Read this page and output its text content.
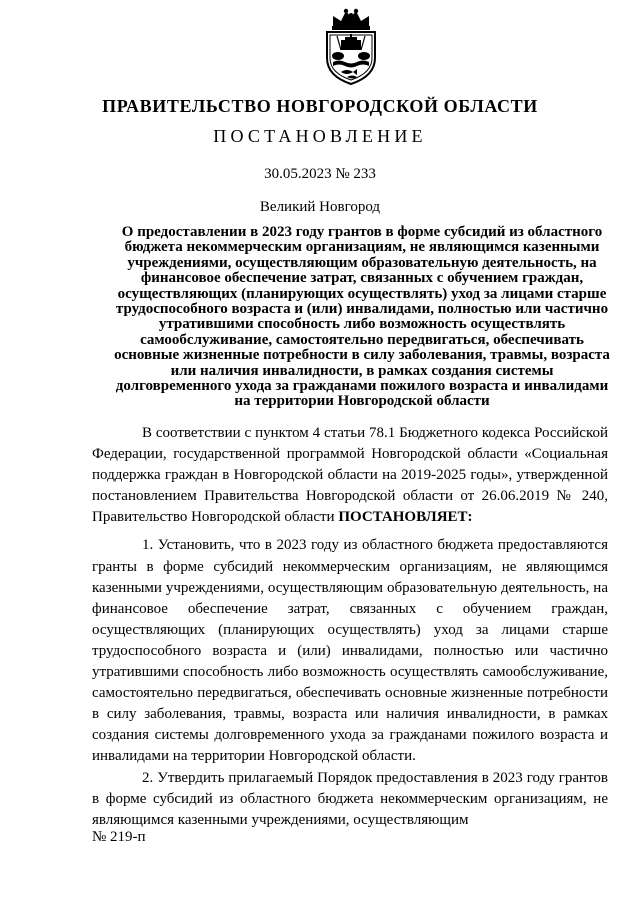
ПРАВИТЕЛЬСТВО НОВГОРОДСКОЙ ОБЛАСТИ
ПОСТАНОВЛЕНИЕ
30.05.2023 № 233
Великий Новгород
О предоставлении в 2023 году грантов в форме субсидий из областного бюджета некоммерческим организациям, не являющимся казенными учреждениями, осуществляющим образовательную деятельность, на финансовое обеспечение затрат, связанных с обучением граждан, осуществляющих (планирующих осуществлять) уход за лицами старше трудоспособного возраста и (или) инвалидами, полностью или частично утратившими способность либо возможность осуществлять самообслуживание, самостоятельно передвигаться, обеспечивать основные жизненные потребности в силу заболевания, травмы, возраста или наличия инвалидности, в рамках создания системы долговременного ухода за гражданами пожилого возраста и инвалидами на территории Новгородской области

В соответствии с пунктом 4 статьи 78.1 Бюджетного кодекса Российской Федерации, государственной программой Новгородской области «Социальная поддержка граждан в Новгородской области на 2019-2025 годы», утвержденной постановлением Правительства Новгородской области от 26.06.2019 № 240, Правительство Новгородской области ПОСТАНОВЛЯЕТ:

1. Установить, что в 2023 году из областного бюджета предоставляются гранты в форме субсидий некоммерческим организациям, не являющимся казенными учреждениями, осуществляющим образовательную деятельность, на финансовое обеспечение затрат, связанных с обучением граждан, осуществляющих (планирующих осуществлять) уход за лицами старше трудоспособного возраста и (или) инвалидами, полностью или частично утратившими способность либо возможность осуществлять самообслуживание, самостоятельно передвигаться, обеспечивать основные жизненные потребности в силу заболевания, травмы, возраста или наличия инвалидности, в рамках создания системы долговременного ухода за гражданами пожилого возраста и инвалидами на территории Новгородской области.

2. Утвердить прилагаемый Порядок предоставления в 2023 году грантов в форме субсидий из областного бюджета некоммерческим организациям, не являющимся казенными учреждениями, осуществляющим

№ 219-п
